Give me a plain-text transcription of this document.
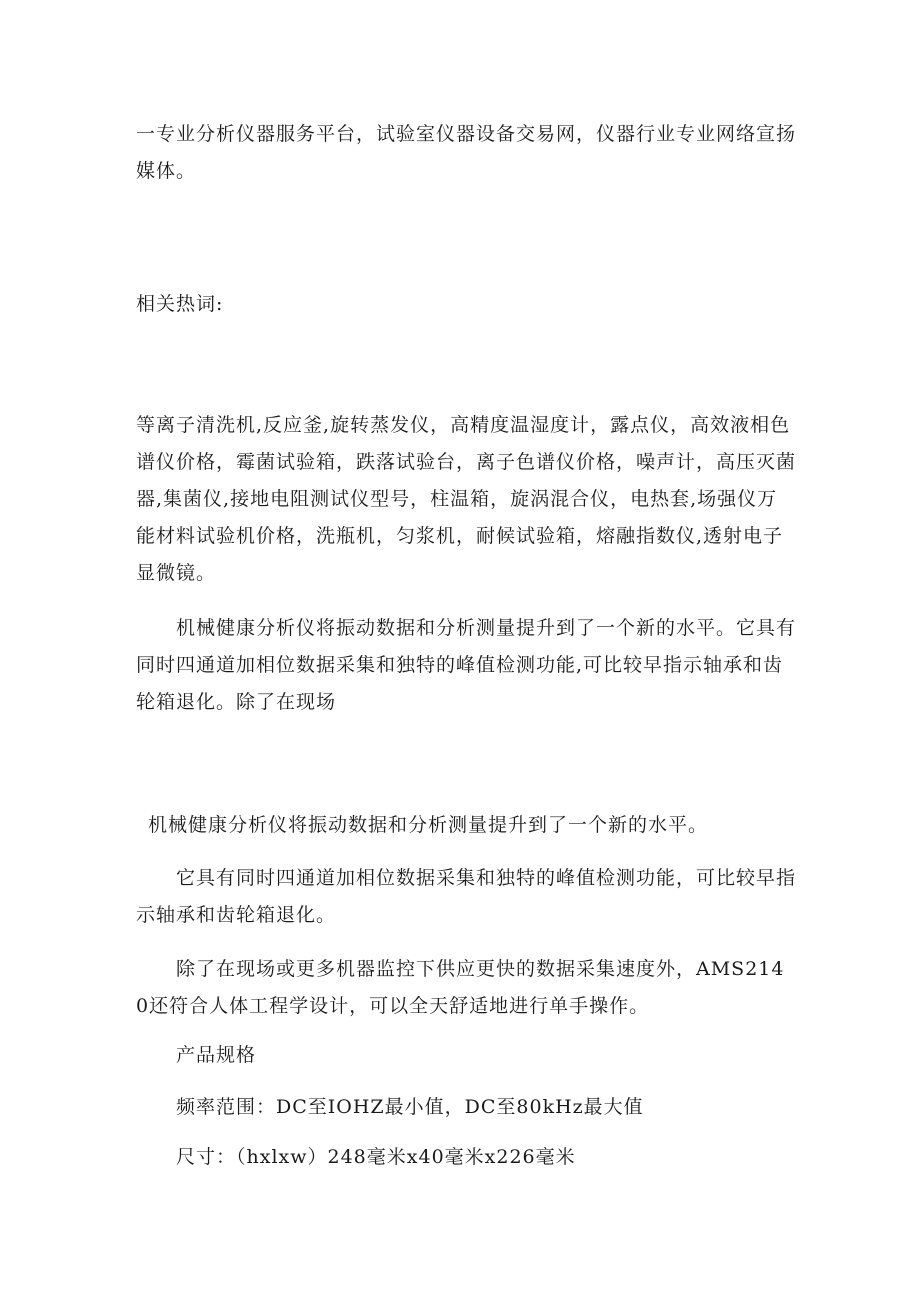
一专业分析仪器服务平台，试验室仪器设备交易网，仪器行业专业网络宣扬媒体。

相关热词:

等离子清洗机,反应釜,旋转蒸发仪，高精度温湿度计，露点仪，高效液相色谱仪价格，霉菌试验箱，跌落试验台，离子色谱仪价格，噪声计，高压灭菌器,集菌仪,接地电阻测试仪型号，柱温箱，旋涡混合仪，电热套,场强仪万能材料试验机价格，洗瓶机，匀浆机，耐候试验箱，熔融指数仪,透射电子显微镜。

机械健康分析仪将振动数据和分析测量提升到了一个新的水平。它具有同时四通道加相位数据采集和独特的峰值检测功能,可比较早指示轴承和齿轮箱退化。除了在现场

机械健康分析仪将振动数据和分析测量提升到了一个新的水平。

它具有同时四通道加相位数据采集和独特的峰值检测功能，可比较早指示轴承和齿轮箱退化。

除了在现场或更多机器监控下供应更快的数据采集速度外，AMS2140还符合人体工程学设计，可以全天舒适地进行单手操作。

产品规格

频率范围：DC至IOHZ最小值，DC至80kHz最大值

尺寸：（hxlxw）248毫米x40毫米x226毫米
